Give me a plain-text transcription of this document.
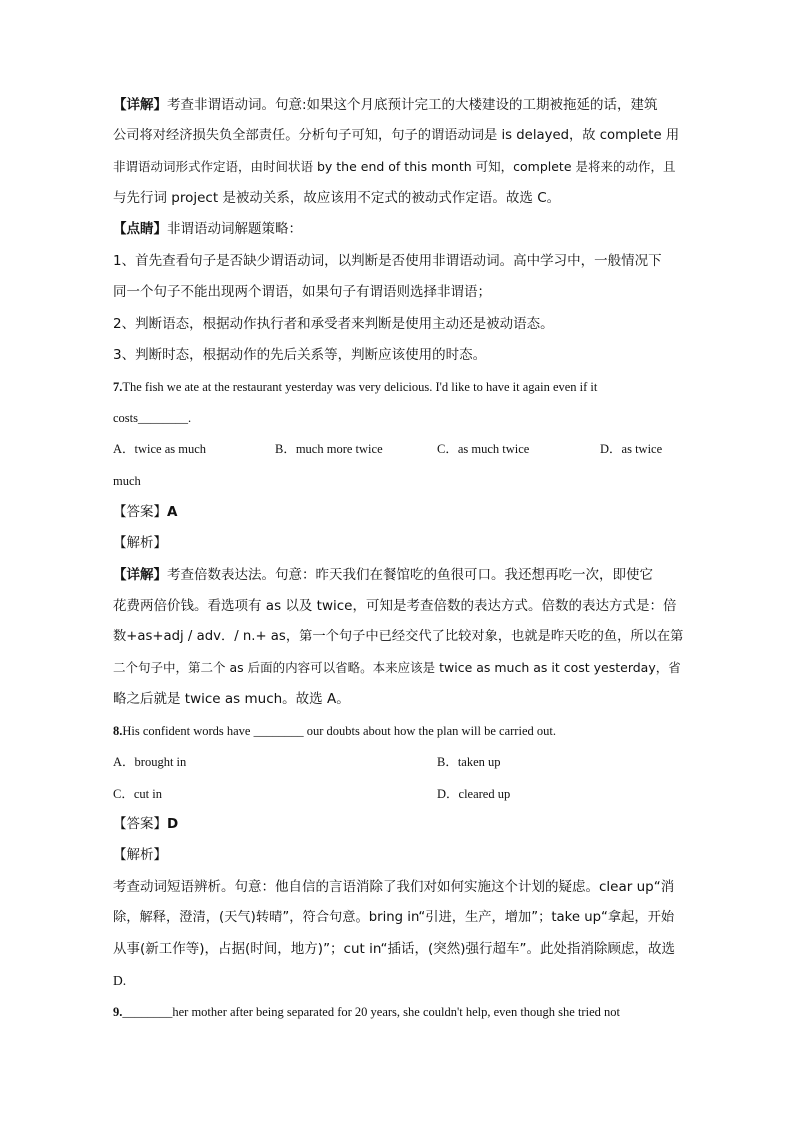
【详解】考查非谓语动词。句意:如果这个月底预计完工的大楼建设的工期被拖延的话，建筑
公司将对经济损失负全部责任。分析句子可知，句子的谓语动词是 is delayed，故 complete 用
非谓语动词形式作定语，由时间状语 by the end of this month 可知，complete 是将来的动作，且
与先行词 project 是被动关系，故应该用不定式的被动式作定语。故选 C。
【点睛】非谓语动词解题策略：
1、首先查看句子是否缺少谓语动词，以判断是否使用非谓语动词。高中学习中，一般情况下
同一个句子不能出现两个谓语，如果句子有谓语则选择非谓语；
2、判断语态，根据动作执行者和承受者来判断是使用主动还是被动语态。
3、判断时态，根据动作的先后关系等，判断应该使用的时态。
7.The fish we ate at the restaurant yesterday was very delicious. I'd like to have it again even if it
costs________.
A．twice as much	B．much more twice	C．as much twice	D．as twice
much
【答案】A
【解析】
【详解】考查倍数表达法。句意：昨天我们在餐馆吃的鱼很可口。我还想再吃一次，即使它
花费两倍价钱。看选项有 as 以及 twice，可知是考查倍数的表达方式。倍数的表达方式是：倍
数+as+adj / adv．/ n.+ as，第一个句子中已经交代了比较对象，也就是昨天吃的鱼，所以在第
二个句子中，第二个 as 后面的内容可以省略。本来应该是 twice as much as it cost yesterday，省
略之后就是 twice as much。故选 A。
8.His confident words have ________ our doubts about how the plan will be carried out.
A．brought in	B．taken up
C．cut in	D．cleared up
【答案】D
【解析】
考查动词短语辨析。句意：他自信的言语消除了我们对如何实施这个计划的疑虑。clear up“消
除，解释，澄清，(天气)转晴”，符合句意。bring in“引进，生产，增加”；take up“拿起，开始
从事(新工作等)，占据(时间，地方)”；cut in“插话，(突然)强行超车”。此处指消除顾虑，故选
D.
9.________her mother after being separated for 20 years, she couldn't help, even though she tried not
